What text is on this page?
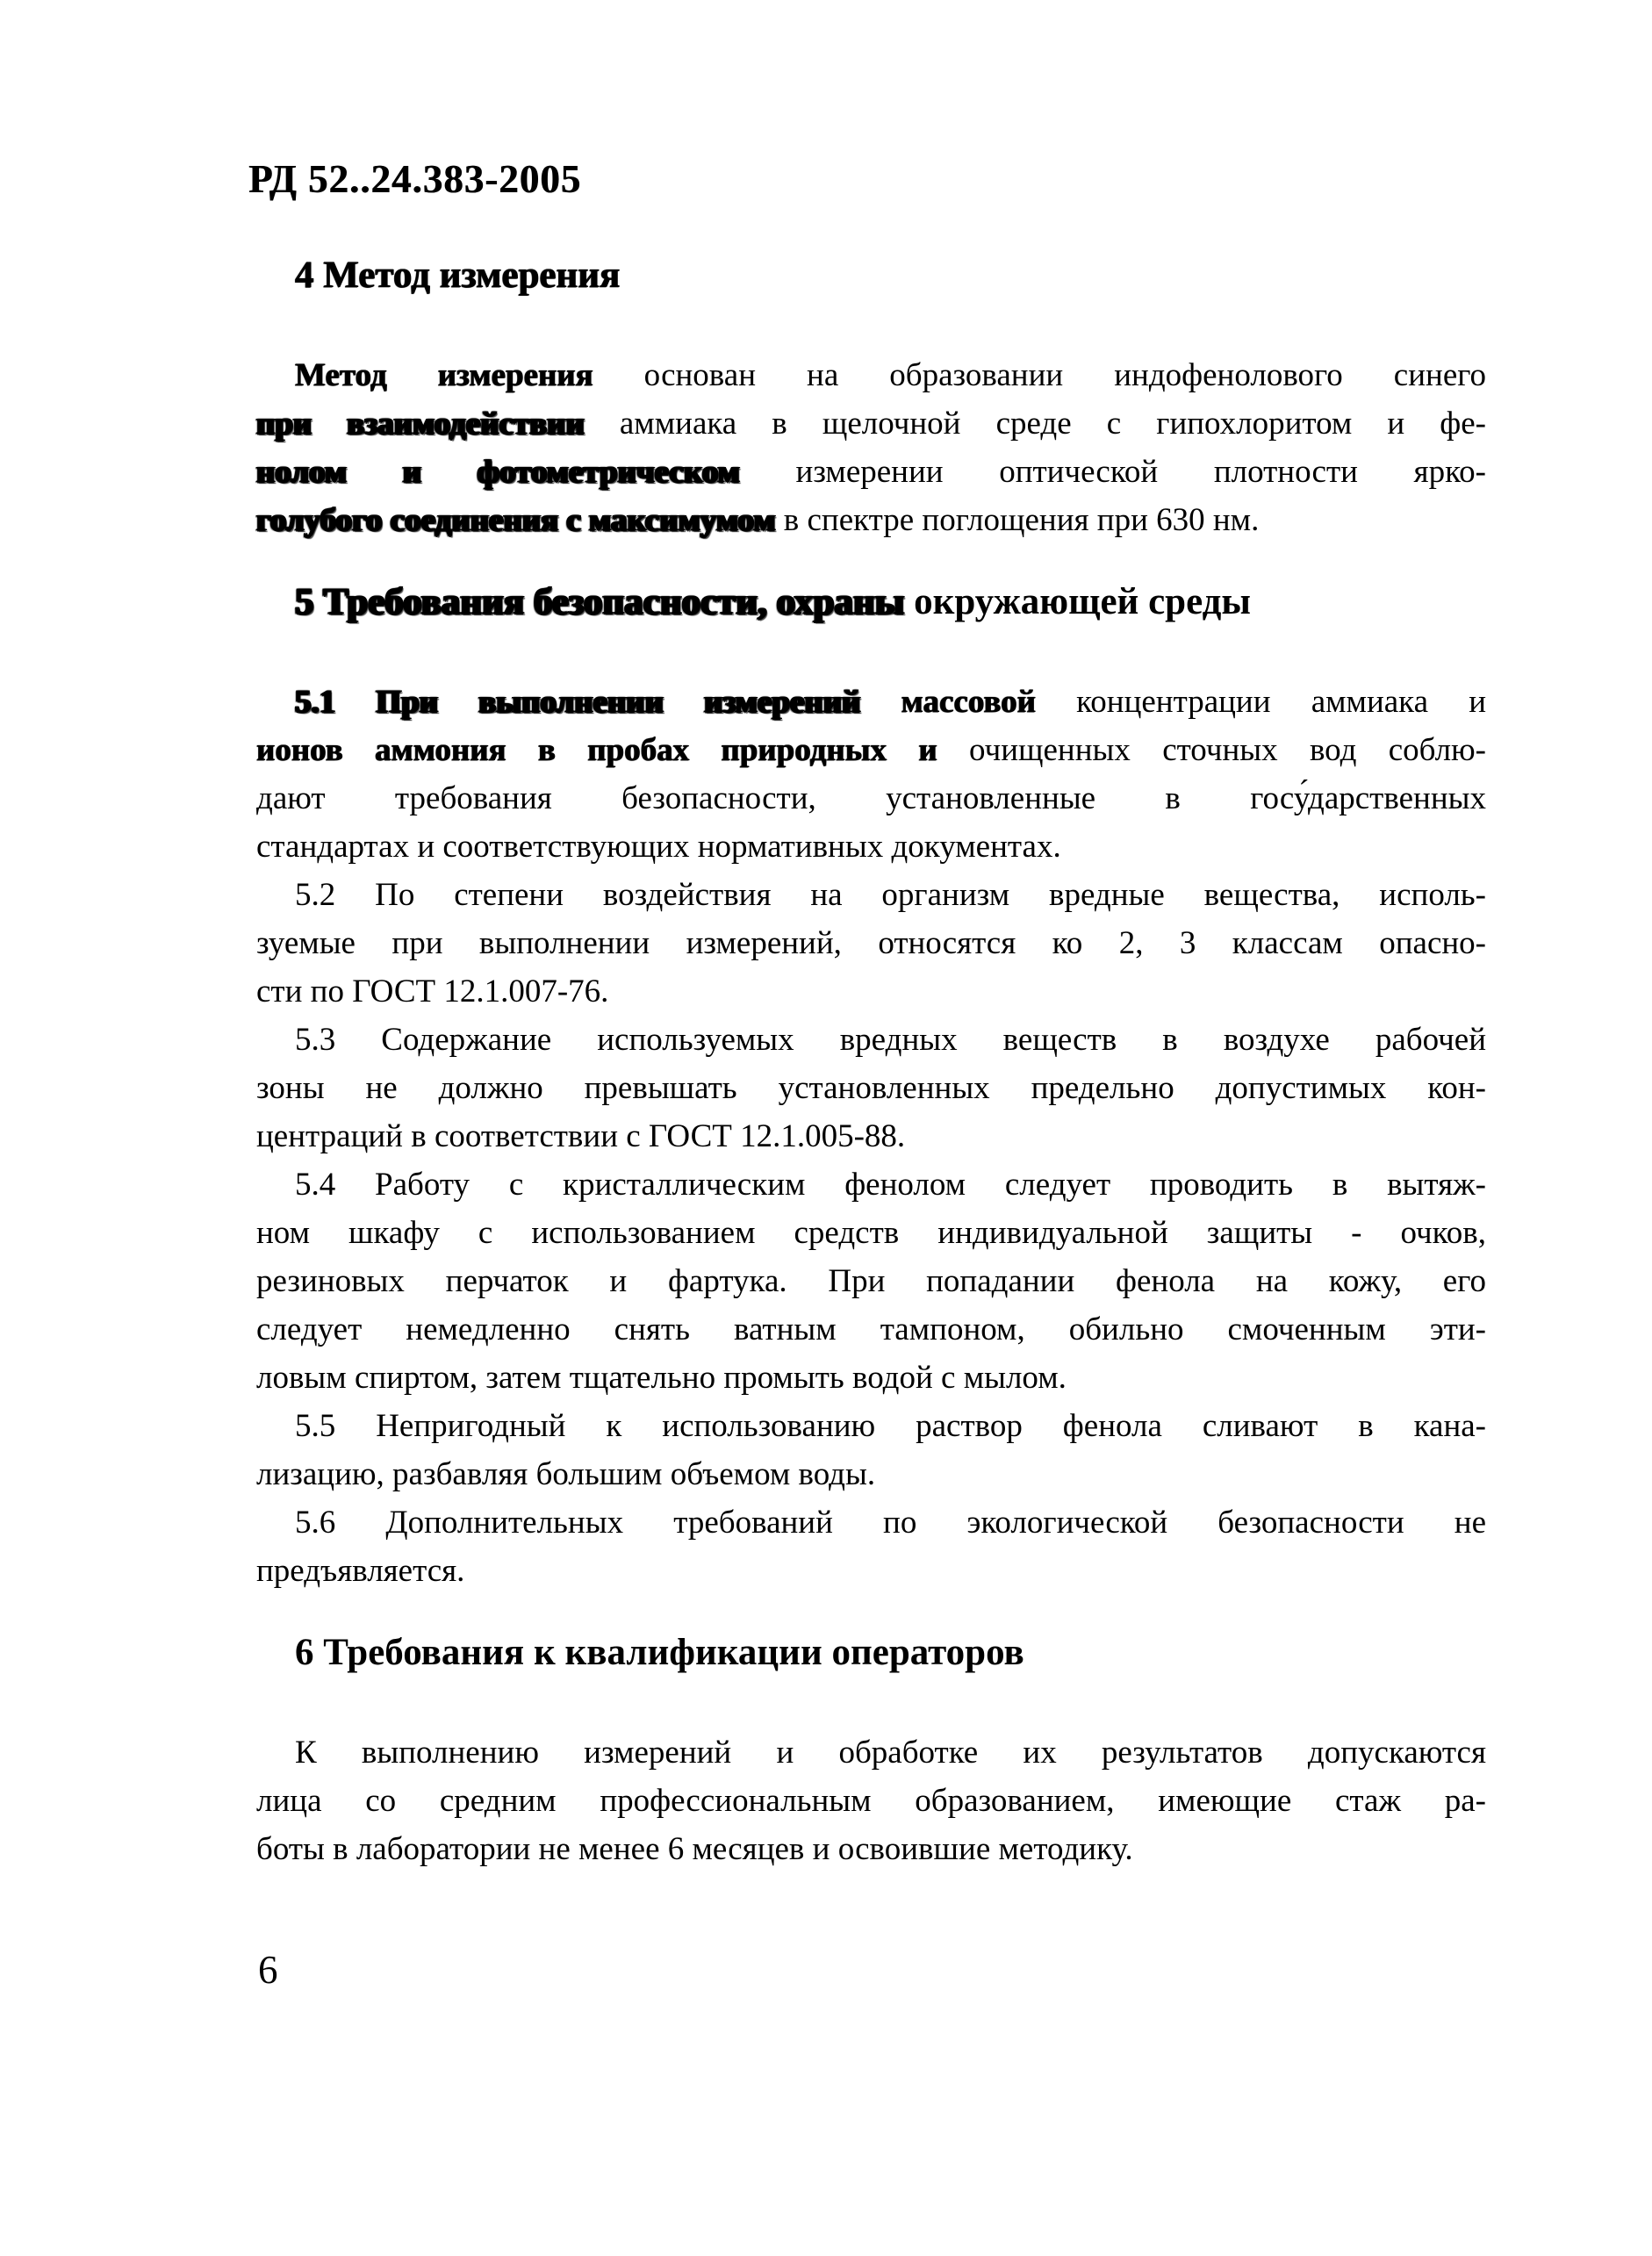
РД 52..24.383-2005
4 Метод измерения
Метод измерения основан на образовании индофенолового синего
при взаимодействии аммиака в щелочной среде с гипохлоритом и фе-
нолом и фотометрическом измерении оптической плотности ярко-
голубого соединения с максимумом в спектре поглощения при 630 нм.
5 Требования безопасности, охраны окружающей среды
5.1 При выполнении измерений массовой концентрации аммиака и
ионов аммония в пробах природных и очищенных сточных вод соблю-
дают требования безопасности, установленные в госу́дарственных
стандартах и соответствующих нормативных документах.
5.2 По степени воздействия на организм вредные вещества, исполь-
зуемые при выполнении измерений, относятся ко 2, 3 классам опасно-
сти по ГОСТ 12.1.007-76.
5.3 Содержание используемых вредных веществ в воздухе рабочей
зоны не должно превышать установленных предельно допустимых кон-
центраций в соответствии с ГОСТ 12.1.005-88.
5.4 Работу с кристаллическим фенолом следует проводить в вытяж-
ном шкафу с использованием средств индивидуальной защиты - очков,
резиновых перчаток и фартука. При попадании фенола на кожу, его
следует немедленно снять ватным тампоном, обильно смоченным эти-
ловым спиртом, затем тщательно промыть водой с мылом.
5.5 Непригодный к использованию раствор фенола сливают в кана-
лизацию, разбавляя большим объемом воды.
5.6 Дополнительных требований по экологической безопасности не
предъявляется.
6 Требования к квалификации операторов
К выполнению измерений и обработке их результатов допускаются
лица со средним профессиональным образованием, имеющие стаж ра-
боты в лаборатории не менее 6 месяцев и освоившие методику.
6
